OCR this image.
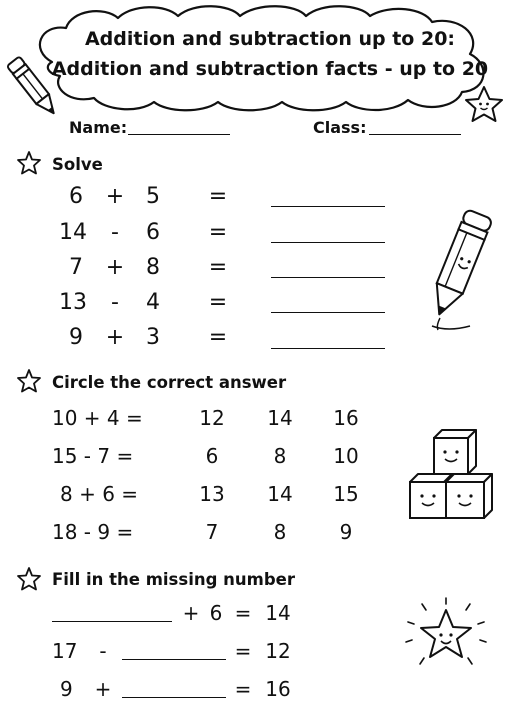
Addition and subtraction up to 20:
Addition and subtraction facts - up to 20
Name:	Class:
Solve
6	+ 5	=
14	-	6	=
7	+ 8	=
13	-	4	=
9	+ 3	=
Circle the correct answer
10 + 4 =	12	14	16
15 - 7 =	6	8	10
8 + 6 =	13	14	15
18 - 9 =	7	8	9
Fill in the missing number
+ 6 = 14
17	-	= 12
9	+	= 16
